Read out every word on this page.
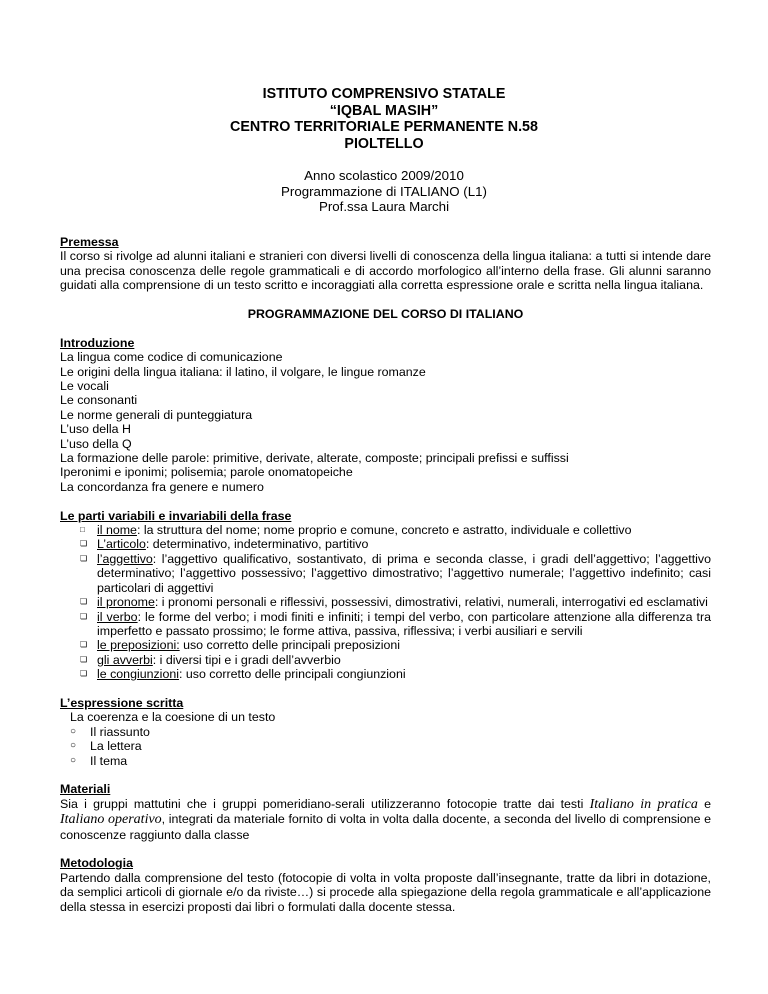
ISTITUTO COMPRENSIVO STATALE
“IQBAL MASIH”
CENTRO TERRITORIALE PERMANENTE N.58
PIOLTELLO
Anno scolastico 2009/2010
Programmazione di ITALIANO (L1)
Prof.ssa Laura Marchi
Premessa
Il corso si rivolge ad alunni italiani e stranieri con diversi livelli di conoscenza della lingua italiana: a tutti si intende dare una precisa conoscenza delle regole grammaticali e di accordo morfologico all’interno della frase. Gli alunni saranno guidati alla comprensione di un testo scritto e incoraggiati alla corretta espressione orale e scritta nella lingua italiana.
PROGRAMMAZIONE DEL CORSO DI ITALIANO
Introduzione
La lingua come codice di comunicazione
Le origini della lingua italiana: il latino, il volgare, le lingue romanze
Le vocali
Le consonanti
Le norme generali di punteggiatura
L’uso della H
L’uso della Q
La formazione delle parole: primitive, derivate, alterate, composte; principali prefissi e suffissi
Iperonimi e iponimi; polisemia; parole onomatopeiche
La concordanza fra genere e numero
Le parti variabili e invariabili della frase
□ il nome: la struttura del nome; nome proprio e comune, concreto e astratto, individuale e collettivo
❏ L’articolo: determinativo, indeterminativo, partitivo
❏ l’aggettivo: l’aggettivo qualificativo, sostantivato, di prima e seconda classe, i gradi dell’aggettivo; l’aggettivo determinativo; l’aggettivo possessivo; l’aggettivo dimostrativo; l’aggettivo numerale; l’aggettivo indefinito; casi particolari di aggettivi
❏ il pronome: i pronomi personali e riflessivi, possessivi, dimostrativi, relativi, numerali, interrogativi ed esclamativi
❏ il verbo: le forme del verbo; i modi finiti e infiniti; i tempi del verbo, con particolare attenzione alla differenza tra imperfetto e passato prossimo; le forme attiva, passiva, riflessiva; i verbi ausiliari e servili
❏ le preposizioni: uso corretto delle principali preposizioni
❏ gli avverbi: i diversi tipi e i gradi dell’avverbio
❏ le congiunzioni: uso corretto delle principali congiunzioni
L’espressione scritta
La coerenza e la coesione di un testo
○ Il riassunto
○ La lettera
○ Il tema
Materiali
Sia i gruppi mattutini che i gruppi pomeridiano-serali utilizzeranno fotocopie tratte dai testi Italiano in pratica e Italiano operativo, integrati da materiale fornito di volta in volta dalla docente, a seconda del livello di comprensione e conoscenze raggiunto dalla classe
Metodologia
Partendo dalla comprensione del testo (fotocopie di volta in volta proposte dall’insegnante, tratte da libri in dotazione, da semplici articoli di giornale e/o da riviste…) si procede alla spiegazione della regola grammaticale e all’applicazione della stessa in esercizi proposti dai libri o formulati dalla docente stessa.
